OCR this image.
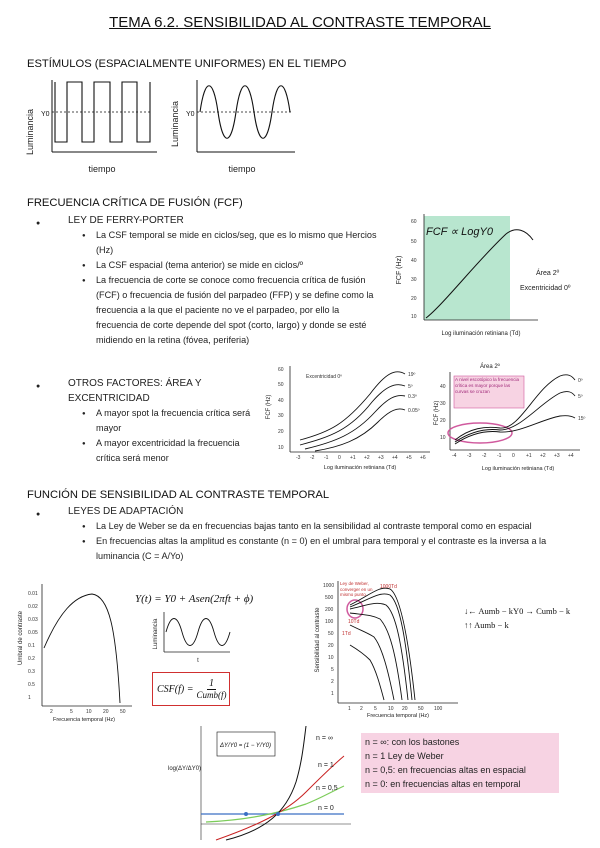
TEMA 6.2. SENSIBILIDAD AL CONTRASTE TEMPORAL
ESTÍMULOS (ESPACIALMENTE UNIFORMES) EN EL TIEMPO
Luminancia Y0
tiempo
Luminancia Y0
tiempo
FRECUENCIA CRÍTICA DE FUSIÓN (FCF)
● LEY DE FERRY-PORTER
● La CSF temporal se mide en ciclos/seg, que es lo mismo que Hercios (Hz)
● La CSF espacial (tema anterior) se mide en ciclos/º
● La frecuencia de corte se conoce como frecuencia crítica de fusión (FCF) o frecuencia de fusión del parpadeo (FFP) y se define como la frecuencia a la que el paciente no ve el parpadeo, por ello la frecuencia de corte depende del spot (corto, largo) y donde se esté midiendo en la retina (fóvea, periferia)
FCF ∝ LogY0
60
50
40
30
20
10
FCF (Hz)	Área 2º
Excentricidad 0º
Log iluminación retiniana (Td)
● OTROS FACTORES: ÁREA Y EXCENTRICIDAD
● A mayor spot la frecuencia crítica será mayor
● A mayor excentricidad la frecuencia crítica será menor
Excentricidad 0º
60
50
40
30
20
10
FCF (Hz)
19º
5º
0.3º
0.05º
-3 -2 -1 0 +1 +2 +3 +4 +5 +6
Log iluminación retiniana (Td)
Área 2º
FCF (Hz)
40
30
20
10
A nivel escotópico la frecuencia crítica es mayor porque las curvas se cruzan
0º
5º
15º
-4 -3 -2 -1 0 +1 +2 +3 +4
Log iluminación retiniana (Td)
FUNCIÓN DE SENSIBILIDAD AL CONTRASTE TEMPORAL
● LEYES DE ADAPTACIÓN
● La Ley de Weber se da en frecuencias bajas tanto en la sensibilidad al contraste temporal como en espacial
● En frecuencias altas la amplitud es constante (n = 0) en el umbral para temporal y el contraste es la inversa a la luminancia (C = A/Yo)
Umbral de contraste
0.01
0.02
0.03
0.05
0.1
0.2
0.3
0.5
1
2	5	10 20 50
Frecuencia temporal (Hz)
Y(t) = Y0 + Asen(2πft + ϕ)
Luminancia
t
CSF(f) = 1
Cumb(f)
Sensibilidad al contraste
1000
500
200
100
50
20
10
5
2
1
Ley de Weber, converger en un mismo punto
1000Td
10Td
1Td
1 2 5 10 20 50 100
Frecuencia temporal (Hz)
↓← Aumb − kY0 → Cumb − k
↑↑ Aumb − k
log(ΔY/ΔY0)
ΔY/Y0 = (1 − Y/Y0)
n = ∞
n = 1
n = 0,5
n = 0
n = ∞: con los bastones
n = 1 Ley de Weber
n = 0,5: en frecuencias altas en espacial
n = 0: en frecuencias altas en temporal
